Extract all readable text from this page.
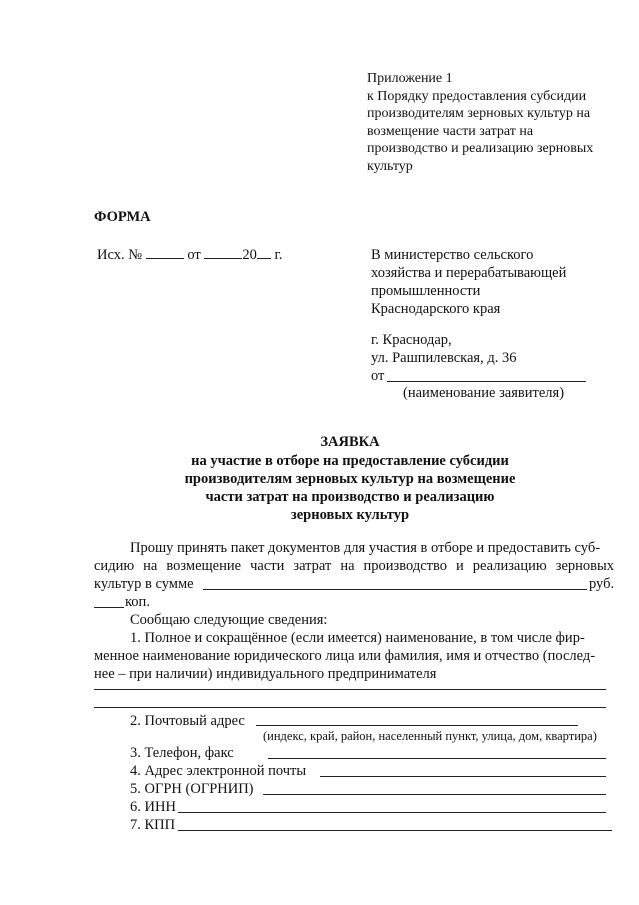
Приложение 1
к Порядку предоставления субсидии
производителям зерновых культур на
возмещение части затрат на
производство и реализацию зерновых
культур
ФОРМА
Исх. №	от	20 г.	В министерство сельского
хозяйства и перерабатывающей
промышленности
Краснодарского края
г. Краснодар,
ул. Рашпилевская, д. 36
от
(наименование заявителя)
ЗАЯВКА
на участие в отборе на предоставление субсидии
производителям зерновых культур на возмещение
части затрат на производство и реализацию
зерновых культур
Прошу принять пакет документов для участия в отборе и предоставить суб-
сидию на возмещение части затрат на производство и реализацию зерновых
культур в сумме	руб.
коп.
Сообщаю следующие сведения:
1. Полное и сокращённое (если имеется) наименование, в том числе фир-
менное наименование юридического лица или фамилия, имя и отчество (послед-
нее – при наличии) индивидуального предпринимателя
2. Почтовый адрес
(индекс, край, район, населенный пункт, улица, дом, квартира)
3. Телефон, факс
4. Адрес электронной почты
5. ОГРН (ОГРНИП)
6. ИНН
7. КПП
